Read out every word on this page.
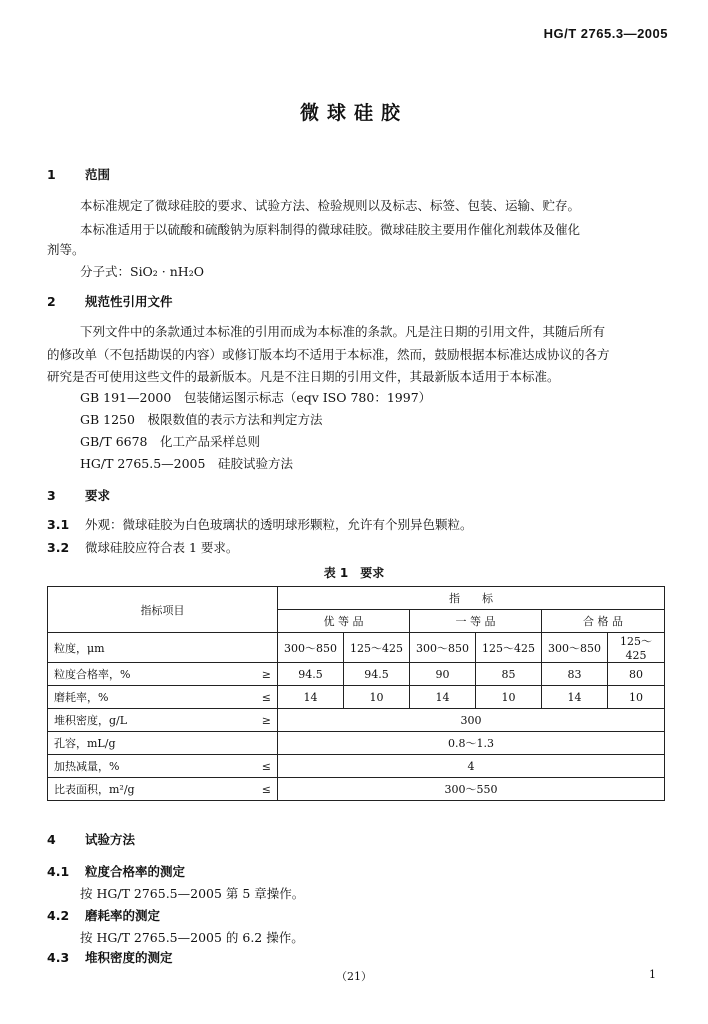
HG/T 2765.3—2005
微球硅胶
1 范围
本标准规定了微球硅胶的要求、试验方法、检验规则以及标志、标签、包装、运输、贮存。
本标准适用于以硫酸和硫酸钠为原料制得的微球硅胶。微球硅胶主要用作催化剂载体及催化
剂等。
分子式：SiO₂ · nH₂O
2 规范性引用文件
下列文件中的条款通过本标准的引用而成为本标准的条款。凡是注日期的引用文件，其随后所有
的修改单（不包括勘误的内容）或修订版本均不适用于本标准，然而，鼓励根据本标准达成协议的各方
研究是否可使用这些文件的最新版本。凡是不注日期的引用文件，其最新版本适用于本标准。
GB 191—2000　包装储运图示标志（eqv ISO 780：1997）
GB 1250　极限数值的表示方法和判定方法
GB/T 6678　化工产品采样总则
HG/T 2765.5—2005　硅胶试验方法
3 要求
3.1 外观：微球硅胶为白色玻璃状的透明球形颗粒，允许有个别异色颗粒。
3.2 微球硅胶应符合表 1 要求。
表 1　要求
指标项目		指　　标					
		优 等 品		一 等 品		合 格 品	
粒度，μm		300～850	125～425	300～850	125～425	300～850	125～425
粒度合格率，%	≥	94.5	94.5	90	85	83	80
磨耗率，%	≤	14	10	14	10	14	10
堆积密度，g/L	≥	300					
孔容，mL/g		0.8～1.3					
加热减量，%	≤	4					
比表面积，m²/g	≤	300～550					
4 试验方法
4.1 粒度合格率的测定
按 HG/T 2765.5—2005 第 5 章操作。
4.2 磨耗率的测定
按 HG/T 2765.5—2005 的 6.2 操作。
4.3 堆积密度的测定
（21）	1
